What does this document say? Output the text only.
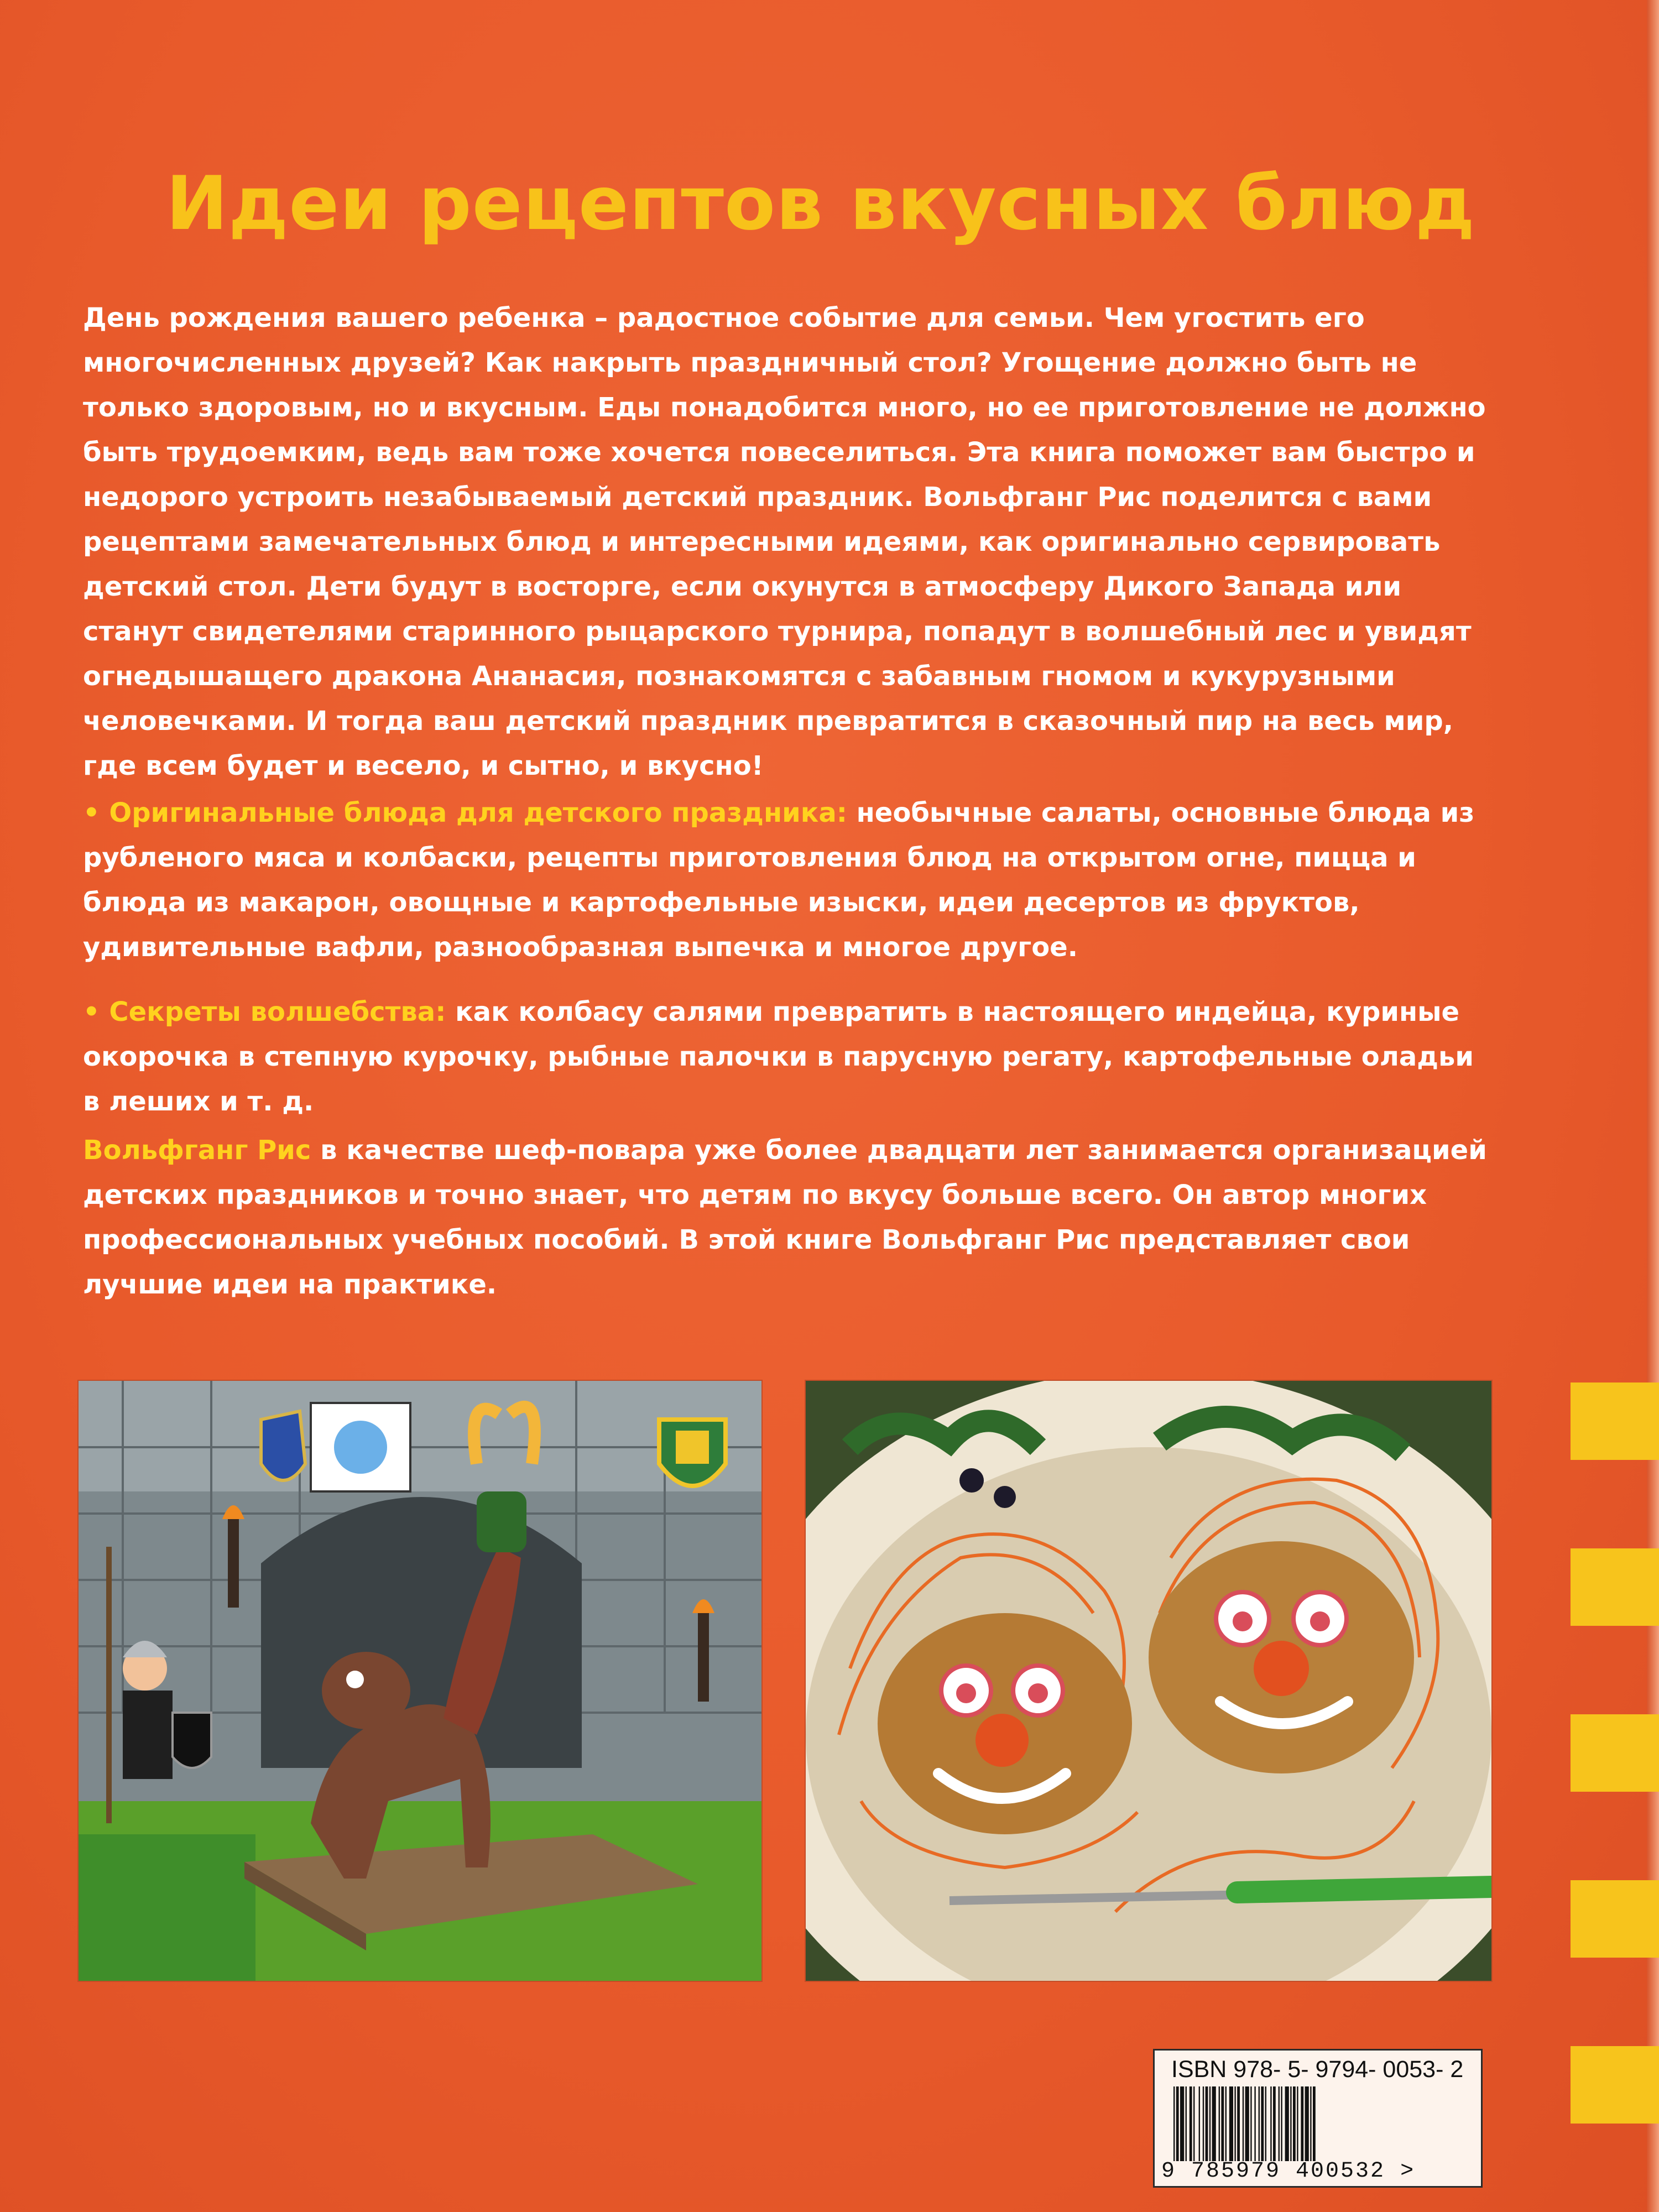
Идеи рецептов вкусных блюд

День рождения вашего ребенка – радостное событие для семьи. Чем угостить его многочисленных друзей? Как накрыть праздничный стол? Угощение должно быть не только здоровым, но и вкусным. Еды понадобится много, но ее приготовление не должно быть трудоемким, ведь вам тоже хочется повеселиться. Эта книга поможет вам быстро и недорого устроить незабываемый детский праздник. Вольфганг Рис поделится с вами рецептами замечательных блюд и интересными идеями, как оригинально сервировать детский стол. Дети будут в восторге, если окунутся в атмосферу Дикого Запада или станут свидетелями старинного рыцарского турнира, попадут в волшебный лес и увидят огнедышащего дракона Ананасия, познакомятся с забавным гномом и кукурузными человечками. И тогда ваш детский праздник превратится в сказочный пир на весь мир, где всем будет и весело, и сытно, и вкусно!

• Оригинальные блюда для детского праздника: необычные салаты, основные блюда из рубленого мяса и колбаски, рецепты приготовления блюд на открытом огне, пицца и блюда из макарон, овощные и картофельные изыски, идеи десертов из фруктов, удивительные вафли, разнообразная выпечка и многое другое.

• Секреты волшебства: как колбасу салями превратить в настоящего индейца, куриные окорочка в степную курочку, рыбные палочки в парусную регату, картофельные оладьи в леших и т. д.

Вольфганг Рис в качестве шеф-повара уже более двадцати лет занимается организацией детских праздников и точно знает, что детям по вкусу больше всего. Он автор многих профессиональных учебных пособий. В этой книге Вольфганг Рис представляет свои лучшие идеи на практике.

ISBN 978- 5- 9794- 0053- 2

9 785979 400532 >
